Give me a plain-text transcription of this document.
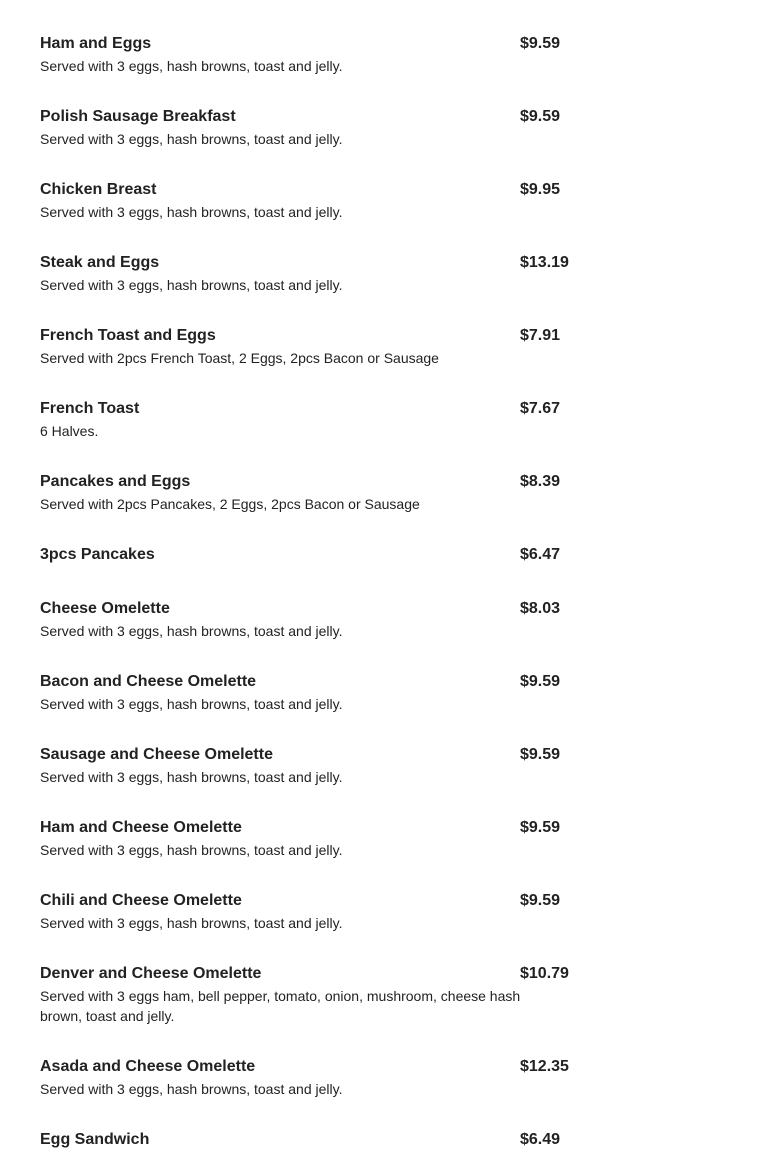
Ham and Eggs	$9.59
Served with 3 eggs, hash browns, toast and jelly.
Polish Sausage Breakfast	$9.59
Served with 3 eggs, hash browns, toast and jelly.
Chicken Breast	$9.95
Served with 3 eggs, hash browns, toast and jelly.
Steak and Eggs	$13.19
Served with 3 eggs, hash browns, toast and jelly.
French Toast and Eggs	$7.91
Served with 2pcs French Toast, 2 Eggs, 2pcs Bacon or Sausage
French Toast	$7.67
6 Halves.
Pancakes and Eggs	$8.39
Served with 2pcs Pancakes, 2 Eggs, 2pcs Bacon or Sausage
3pcs Pancakes	$6.47
Cheese Omelette	$8.03
Served with 3 eggs, hash browns, toast and jelly.
Bacon and Cheese Omelette	$9.59
Served with 3 eggs, hash browns, toast and jelly.
Sausage and Cheese Omelette	$9.59
Served with 3 eggs, hash browns, toast and jelly.
Ham and Cheese Omelette	$9.59
Served with 3 eggs, hash browns, toast and jelly.
Chili and Cheese Omelette	$9.59
Served with 3 eggs, hash browns, toast and jelly.
Denver and Cheese Omelette	$10.79
Served with 3 eggs ham, bell pepper, tomato, onion, mushroom, cheese hash brown, toast and jelly.
Asada and Cheese Omelette	$12.35
Served with 3 eggs, hash browns, toast and jelly.
Egg Sandwich	$6.49
